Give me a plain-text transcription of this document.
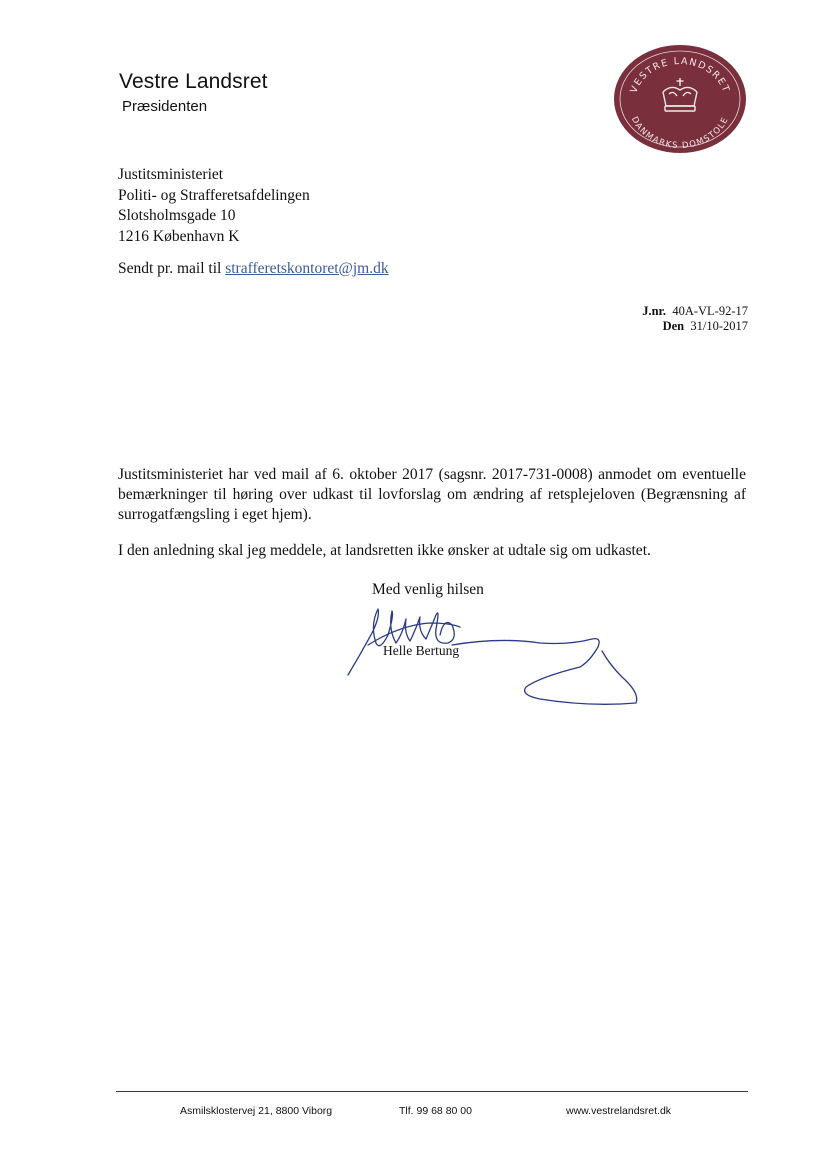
Vestre Landsret
Præsidenten
VESTRE LANDSRET
DANMARKS DOMSTOLE
Justitsministeriet
Politi- og Strafferetsafdelingen
Slotsholmsgade 10
1216 København K
Sendt pr. mail til strafferetskontoret@jm.dk
J.nr. 40A-VL-92-17
Den 31/10-2017
Justitsministeriet har ved mail af 6. oktober 2017 (sagsnr. 2017-731-0008) anmodet om eventuelle bemærkninger til høring over udkast til lovforslag om ændring af retsplejeloven (Begrænsning af surrogatfængsling i eget hjem).
I den anledning skal jeg meddele, at landsretten ikke ønsker at udtale sig om udkastet.
Med venlig hilsen
Helle Bertung
Asmilsklostervej 21, 8800 Viborg	Tlf. 99 68 80 00	www.vestrelandsret.dk
